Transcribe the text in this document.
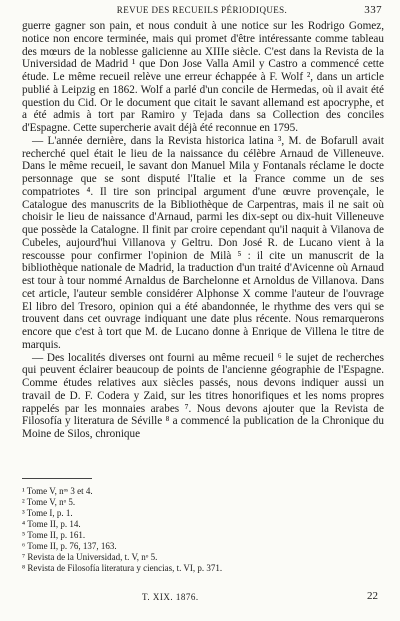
REVUE DES RECUEILS PÉRIODIQUES.	337

guerre gagner son pain, et nous conduit à une notice sur les Rodrigo Gomez, notice non encore terminée, mais qui promet d'être intéressante comme tableau des mœurs de la noblesse galicienne au XIIIe siècle. C'est dans la Revista de la Universidad de Madrid ¹ que Don Jose Valla Amil y Castro a commencé cette étude. Le même recueil relève une erreur échappée à F. Wolf ², dans un article publié à Leipzig en 1862. Wolf a parlé d'un concile de Hermedas, où il avait été question du Cid. Or le document que citait le savant allemand est apocryphe, et a été admis à tort par Ramiro y Tejada dans sa Collection des conciles d'Espagne. Cette supercherie avait déjà été reconnue en 1795.

— L'année dernière, dans la Revista historica latina ³, M. de Bofarull avait recherché quel était le lieu de la naissance du célèbre Arnaud de Villeneuve. Dans le même recueil, le savant don Manuel Mila y Fontanals réclame le docte personnage que se sont disputé l'Italie et la France comme un de ses compatriotes ⁴. Il tire son principal argument d'une œuvre provençale, le Catalogue des manuscrits de la Bibliothèque de Carpentras, mais il ne sait où choisir le lieu de naissance d'Arnaud, parmi les dix-sept ou dix-huit Villeneuve que possède la Catalogne. Il finit par croire cependant qu'il naquit à Vilanova de Cubeles, aujourd'hui Villanova y Geltru. Don José R. de Lucano vient à la rescousse pour confirmer l'opinion de Milà ⁵ : il cite un manuscrit de la bibliothèque nationale de Madrid, la traduction d'un traité d'Avicenne où Arnaud est tour à tour nommé Arnaldus de Barchelonne et Arnoldus de Villanova. Dans cet article, l'auteur semble considérer Alphonse X comme l'auteur de l'ouvrage El libro del Tresoro, opinion qui a été abandonnée, le rhythme des vers qui se trouvent dans cet ouvrage indiquant une date plus récente. Nous remarquerons encore que c'est à tort que M. de Lucano donne à Enrique de Villena le titre de marquis.

— Des localités diverses ont fourni au même recueil ⁶ le sujet de recherches qui peuvent éclairer beaucoup de points de l'ancienne géographie de l'Espagne. Comme études relatives aux siècles passés, nous devons indiquer aussi un travail de D. F. Codera y Zaid, sur les titres honorifiques et les noms propres rappelés par les monnaies arabes ⁷. Nous devons ajouter que la Revista de Filosofía y literatura de Séville ⁸ a commencé la publication de la Chronique du Moine de Silos, chronique

¹ Tome V, nᵒˢ 3 et 4.
² Tome V, nᵒ 5.
³ Tome I, p. 1.
⁴ Tome II, p. 14.
⁵ Tome II, p. 161.
⁶ Tome II, p. 76, 137, 163.
⁷ Revista de la Universidad, t. V, nᵒ 5.
⁸ Revista de Filosofía literatura y ciencias, t. VI, p. 371.
T. XIX. 1876.	22
